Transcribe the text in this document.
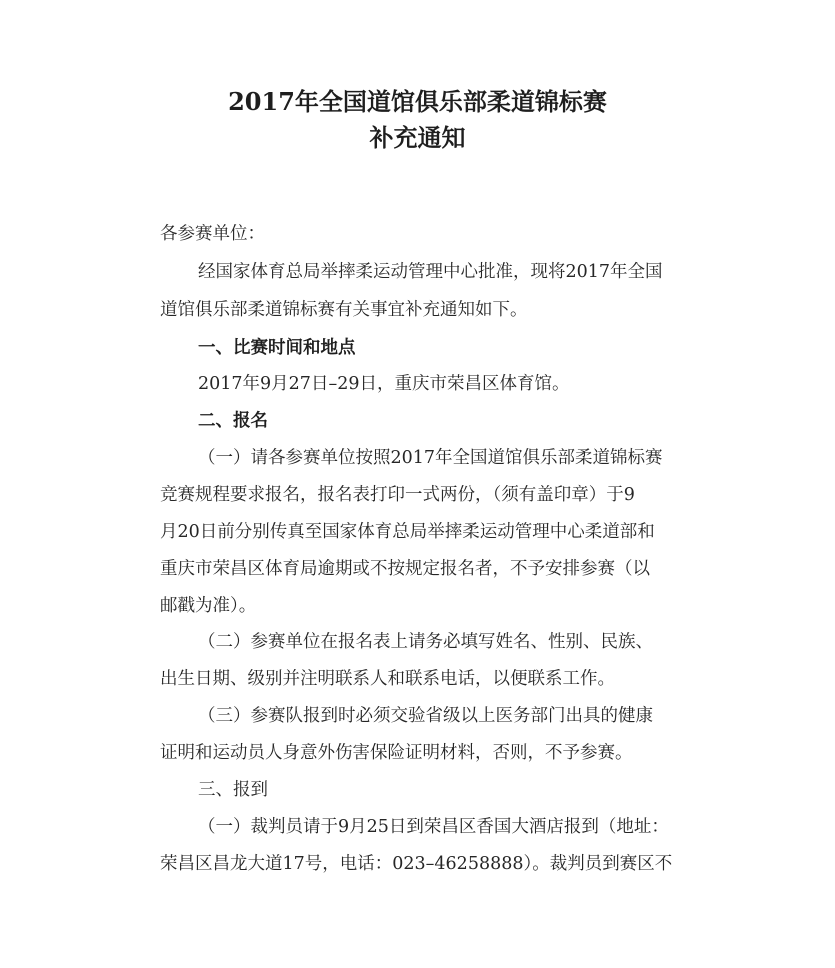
2017年全国道馆俱乐部柔道锦标赛
补充通知
各参赛单位：
经国家体育总局举摔柔运动管理中心批准，现将2017年全国
道馆俱乐部柔道锦标赛有关事宜补充通知如下。
一、比赛时间和地点
2017年9月27日–29日，重庆市荣昌区体育馆。
二、报名
（一）请各参赛单位按照2017年全国道馆俱乐部柔道锦标赛
竞赛规程要求报名，报名表打印一式两份，（须有盖印章）于9
月20日前分别传真至国家体育总局举摔柔运动管理中心柔道部和
重庆市荣昌区体育局逾期或不按规定报名者，不予安排参赛（以
邮戳为准）。
（二）参赛单位在报名表上请务必填写姓名、性别、民族、
出生日期、级别并注明联系人和联系电话，以便联系工作。
（三）参赛队报到时必须交验省级以上医务部门出具的健康
证明和运动员人身意外伤害保险证明材料，否则，不予参赛。
三、报到
（一）裁判员请于9月25日到荣昌区香国大酒店报到（地址：
荣昌区昌龙大道17号，电话：023–46258888）。裁判员到赛区不
